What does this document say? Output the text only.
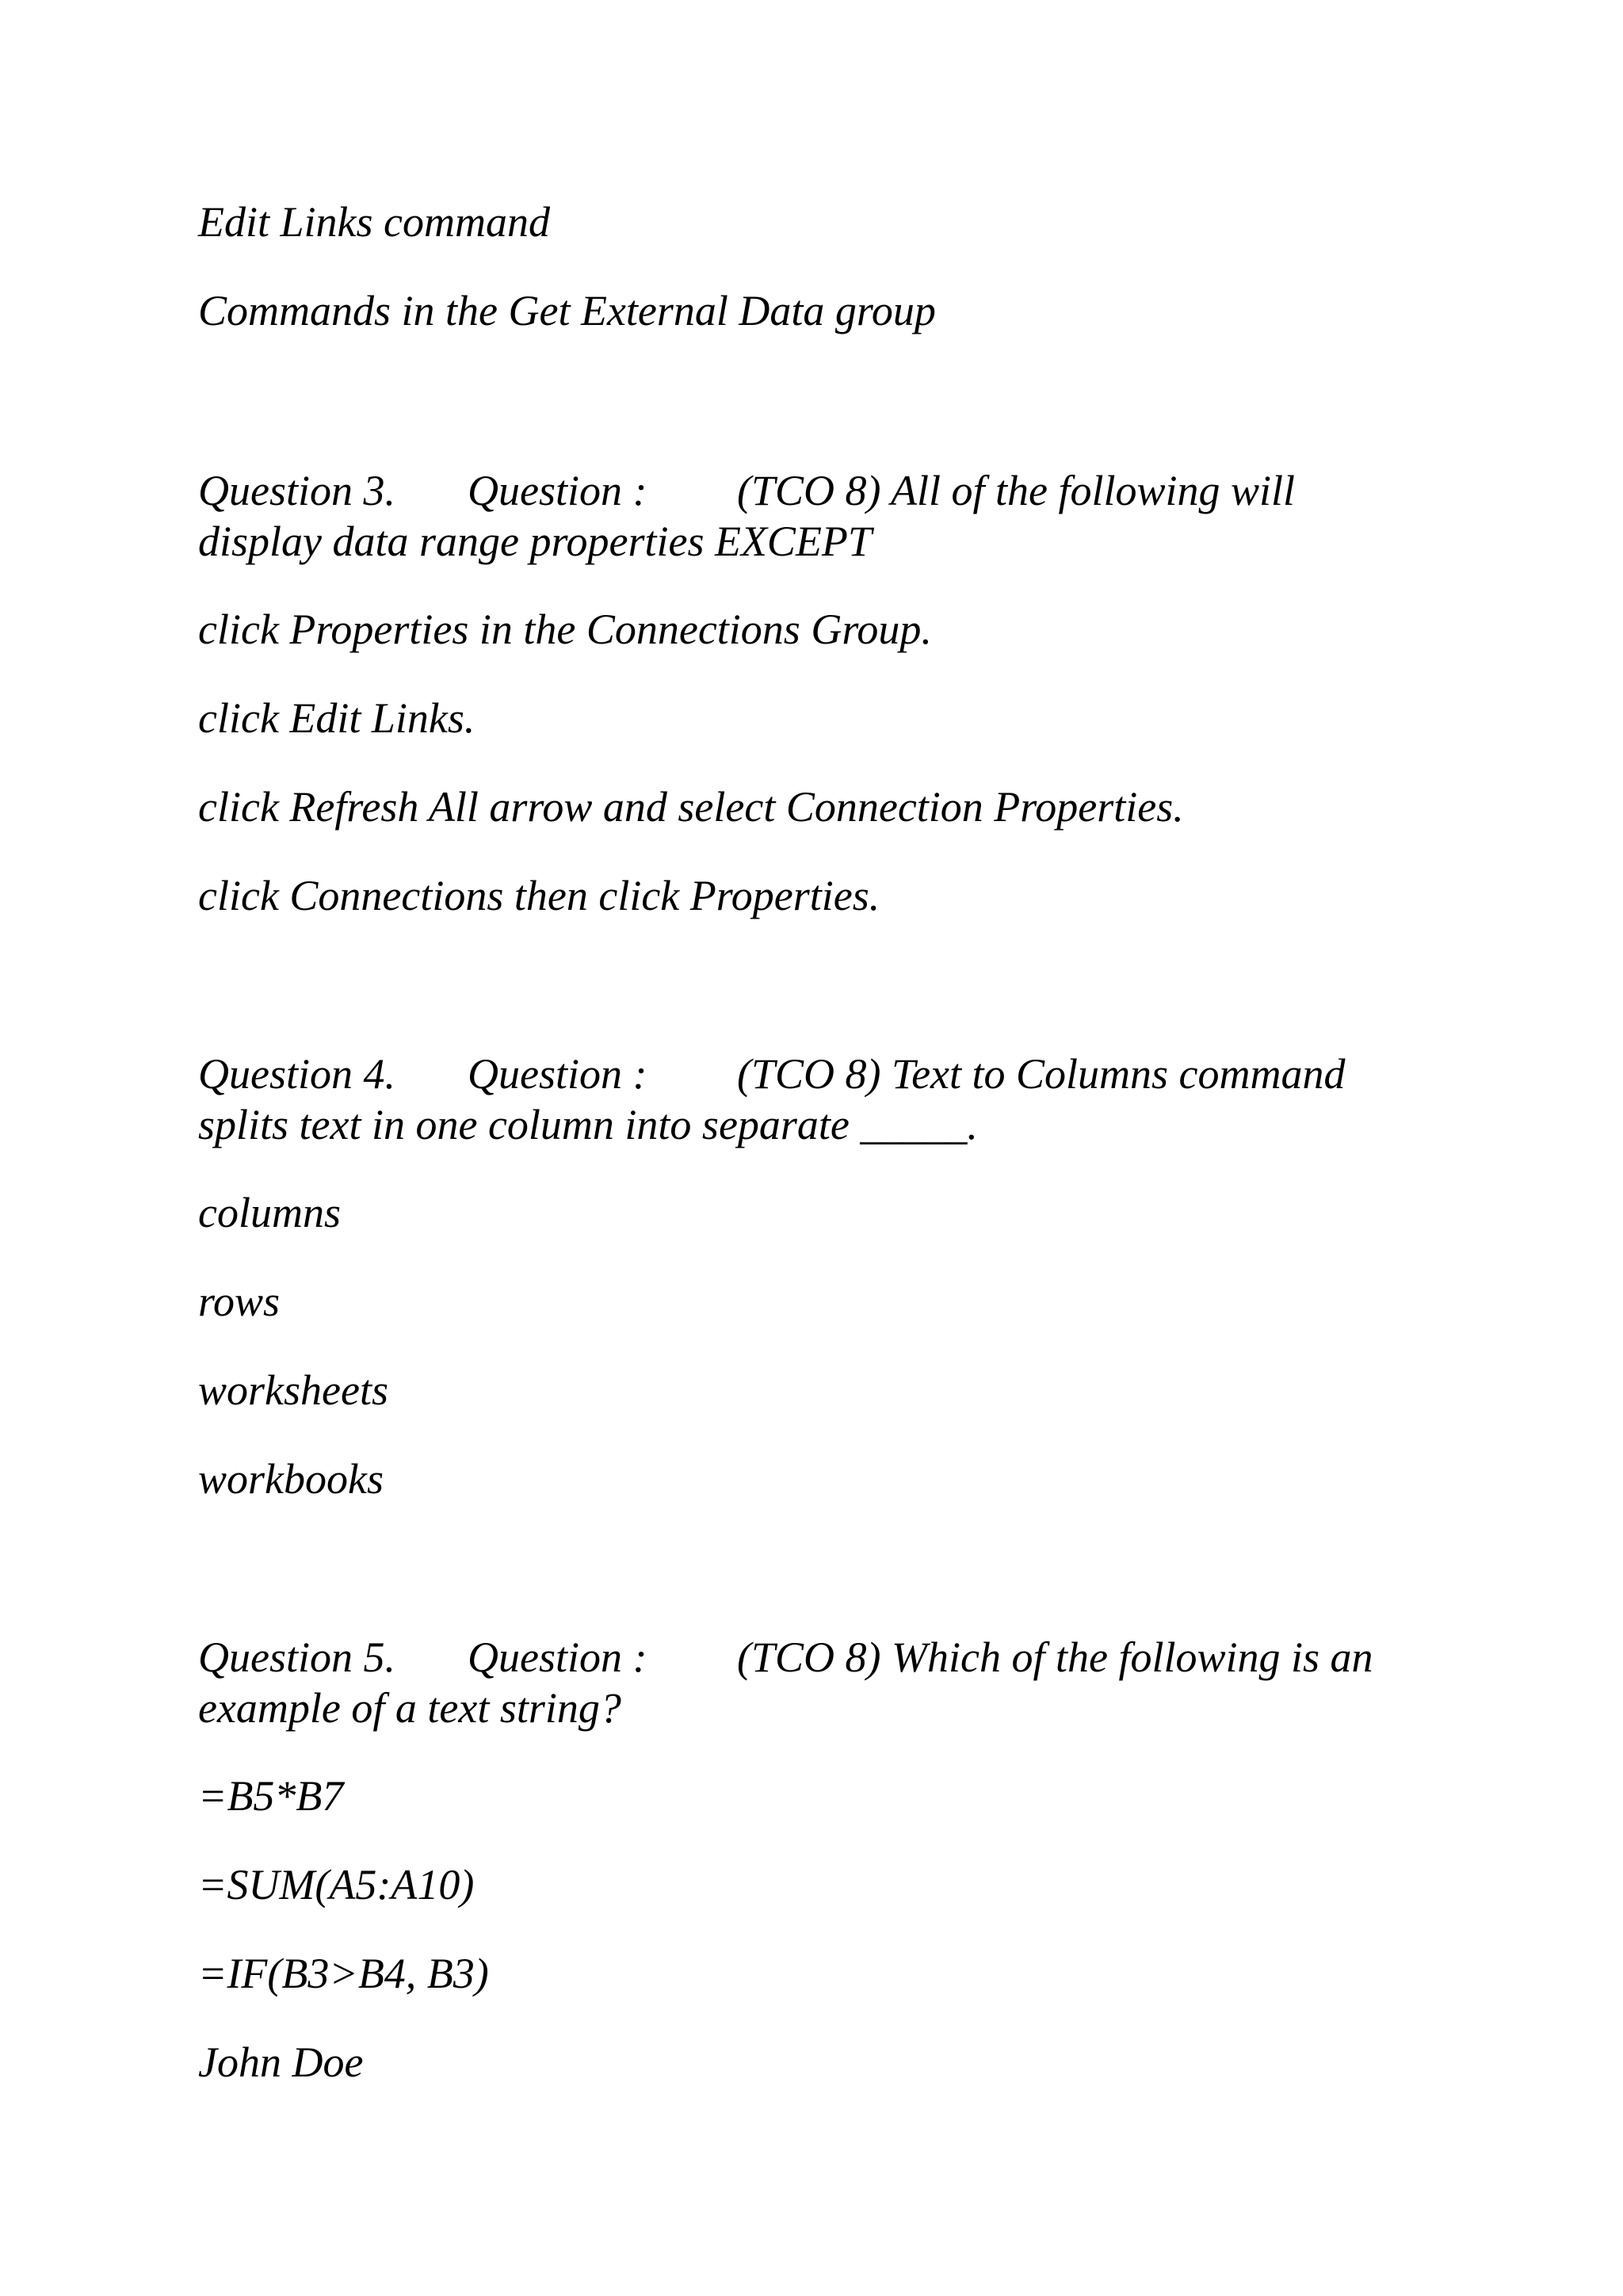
Edit Links command
Commands in the Get External Data group
Question 3.	Question :	(TCO 8) All of the following will
display data range properties EXCEPT
click Properties in the Connections Group.
click Edit Links.
click Refresh All arrow and select Connection Properties.
click Connections then click Properties.
Question 4.	Question :	(TCO 8) Text to Columns command
splits text in one column into separate _____.
columns
rows
worksheets
workbooks
Question 5.	Question :	(TCO 8) Which of the following is an
example of a text string?
=B5*B7
=SUM(A5:A10)
=IF(B3>B4, B3)
John Doe
